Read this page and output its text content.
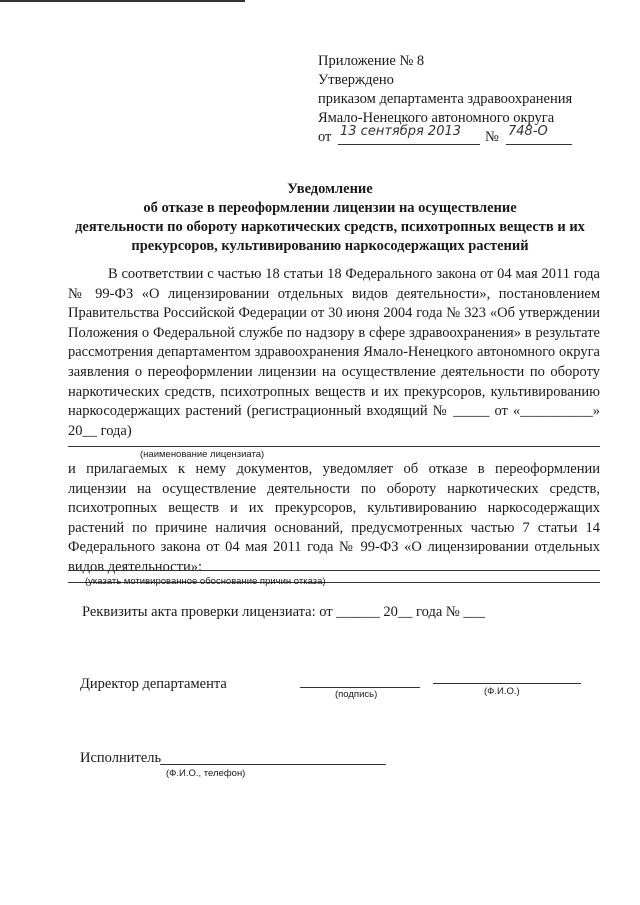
Приложение № 8
Утверждено
приказом департамента здравоохранения
Ямало-Ненецкого автономного округа
от 13 сентября 2013 № 748-О
Уведомление
об отказе в переоформлении лицензии на осуществление
деятельности по обороту наркотических средств, психотропных веществ и их
прекурсоров, культивированию наркосодержащих растений
В соответствии с частью 18 статьи 18 Федерального закона от 04 мая 2011 года № 99-ФЗ «О лицензировании отдельных видов деятельности», постановлением Правительства Российской Федерации от 30 июня 2004 года № 323 «Об утверждении Положения о Федеральной службе по надзору в сфере здравоохранения» в результате рассмотрения департаментом здравоохранения Ямало-Ненецкого автономного округа заявления о переоформлении лицензии на осуществление деятельности по обороту наркотических средств, психотропных веществ и их прекурсоров, культивированию наркосодержащих растений (регистрационный входящий № _____ от «__________» 20__ года)
(наименование лицензиата)
и прилагаемых к нему документов, уведомляет об отказе в переоформлении лицензии на осуществление деятельности по обороту наркотических средств, психотропных веществ и их прекурсоров, культивированию наркосодержащих растений по причине наличия оснований, предусмотренных частью 7 статьи 14 Федерального закона от 04 мая 2011 года № 99-ФЗ «О лицензировании отдельных видов деятельности»:
(указать мотивированное обоснование причин отказа)
Реквизиты акта проверки лицензиата: от ______ 20__ года № ___
Директор департамента
(подпись)	(Ф.И.О.)
Исполнитель
(Ф.И.О., телефон)
